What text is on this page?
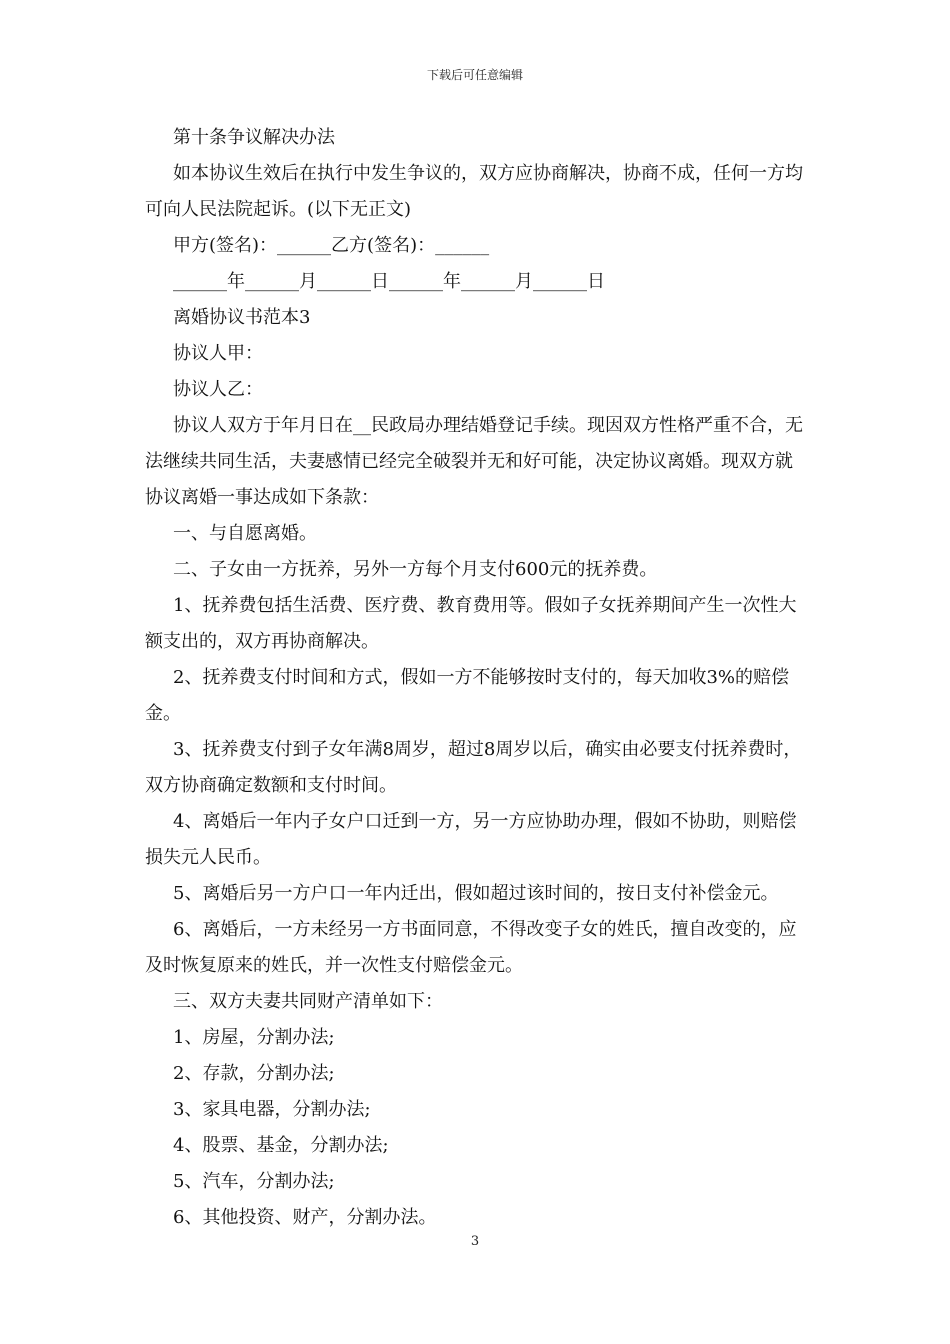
下载后可任意编辑

第十条争议解决办法

如本协议生效后在执行中发生争议的，双方应协商解决，协商不成，任何一方均可向人民法院起诉。(以下无正文)

甲方(签名)：______乙方(签名)：______

______年______月______日______年______月______日

离婚协议书范本3

协议人甲：

协议人乙：

协议人双方于年月日在__民政局办理结婚登记手续。现因双方性格严重不合，无法继续共同生活，夫妻感情已经完全破裂并无和好可能，决定协议离婚。现双方就协议离婚一事达成如下条款：

一、与自愿离婚。

二、子女由一方抚养，另外一方每个月支付600元的抚养费。

1、抚养费包括生活费、医疗费、教育费用等。假如子女抚养期间产生一次性大额支出的，双方再协商解决。

2、抚养费支付时间和方式，假如一方不能够按时支付的，每天加收3%的赔偿金。

3、抚养费支付到子女年满8周岁，超过8周岁以后，确实由必要支付抚养费时，双方协商确定数额和支付时间。

4、离婚后一年内子女户口迁到一方，另一方应协助办理，假如不协助，则赔偿损失元人民币。

5、离婚后另一方户口一年内迁出，假如超过该时间的，按日支付补偿金元。

6、离婚后，一方未经另一方书面同意，不得改变子女的姓氏，擅自改变的，应及时恢复原来的姓氏，并一次性支付赔偿金元。

三、双方夫妻共同财产清单如下：

1、房屋，分割办法;

2、存款，分割办法;

3、家具电器，分割办法;

4、股票、基金，分割办法;

5、汽车，分割办法;

6、其他投资、财产，分割办法。

3
